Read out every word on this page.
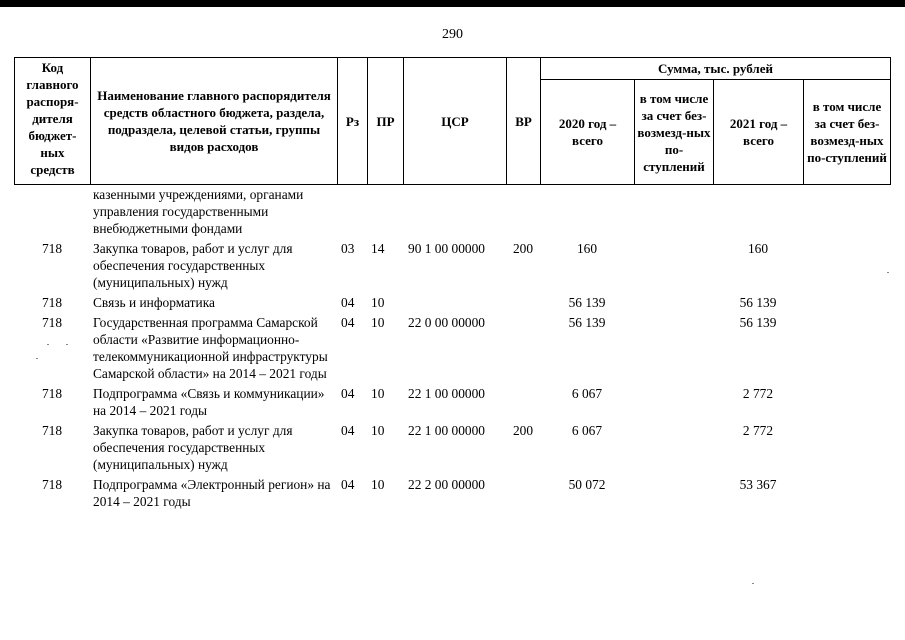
290
Код главного распоря-дителя бюджет-ных средств	Наименование главного распорядителя средств областного бюджета, раздела, подраздела, целевой статьи, группы видов расходов	Рз	ПР	ЦСР	ВР	Сумма, тыс. рублей			
						2020 год – всего	в том числе за счет без-возмезд-ных по-ступлений	2021 год – всего	в том числе за счет без-возмезд-ных по-ступлений
	казенными учреждениями, органами управления государственными внебюджетными фондами								

718	Закупка товаров, работ и услуг для обеспечения государственных (муниципальных) нужд	03	14	90 1 00 00000	200	160		160	

718	Связь и информатика	04	10			56 139		56 139	

718	Государственная программа Самарской области «Развитие информационно-телекоммуникационной инфраструктуры Самарской области» на 2014 – 2021 годы	04	10	22 0 00 00000		56 139		56 139	

718	Подпрограмма «Связь и коммуникации» на 2014 – 2021 годы	04	10	22 1 00 00000		6 067		2 772	

718	Закупка товаров, работ и услуг для обеспечения государственных (муниципальных) нужд	04	10	22 1 00 00000	200	6 067		2 772	

718	Подпрограмма «Электронный регион» на 2014 – 2021 годы	04	10	22 2 00 00000		50 072		53 367	
